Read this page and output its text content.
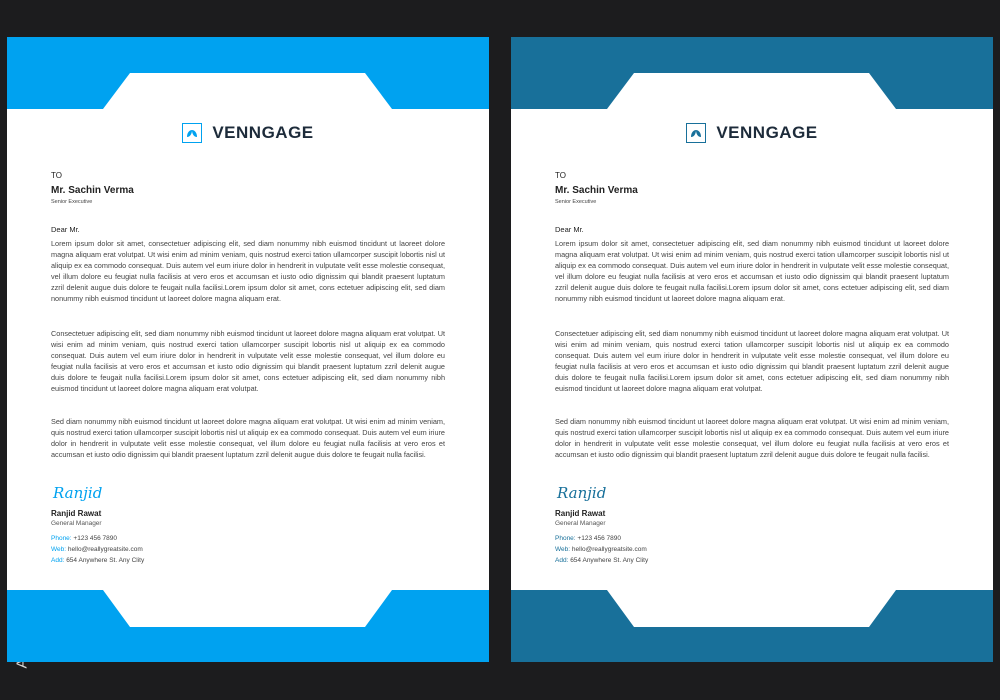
VENNGAGE
TO
Mr. Sachin Verma
Senior Executive
Dear Mr.

Lorem ipsum dolor sit amet, consectetuer adipiscing elit, sed diam nonummy nibh euismod tincidunt ut laoreet dolore magna aliquam erat volutpat. Ut wisi enim ad minim veniam, quis nostrud exerci tation ullamcorper suscipit lobortis nisl ut aliquip ex ea commodo consequat. Duis autem vel eum iriure dolor in hendrerit in vulputate velit esse molestie consequat, vel illum dolore eu feugiat nulla facilisis at vero eros et accumsan et iusto odio dignissim qui blandit praesent luptatum zzril delenit augue duis dolore te feugait nulla facilisi.Lorem ipsum dolor sit amet, cons ectetuer adipiscing elit, sed diam nonummy nibh euismod tincidunt ut laoreet dolore magna aliquam erat.

Consectetuer adipiscing elit, sed diam nonummy nibh euismod tincidunt ut laoreet dolore magna aliquam erat volutpat. Ut wisi enim ad minim veniam, quis nostrud exerci tation ullamcorper suscipit lobortis nisl ut aliquip ex ea commodo consequat. Duis autem vel eum iriure dolor in hendrerit in vulputate velit esse molestie consequat, vel illum dolore eu feugiat nulla facilisis at vero eros et accumsan et iusto odio dignissim qui blandit praesent luptatum zzril delenit augue duis dolore te feugait nulla facilisi.Lorem ipsum dolor sit amet, cons ectetuer adipiscing elit, sed diam nonummy nibh euismod tincidunt ut laoreet dolore magna aliquam erat volutpat.

Sed diam nonummy nibh euismod tincidunt ut laoreet dolore magna aliquam erat volutpat. Ut wisi enim ad minim veniam, quis nostrud exerci tation ullamcorper suscipit lobortis nisl ut aliquip ex ea commodo consequat. Duis autem vel eum iriure dolor in hendrerit in vulputate velit esse molestie consequat, vel illum dolore eu feugiat nulla facilisis at vero eros et accumsan et iusto odio dignissim qui blandit praesent luptatum zzril delenit augue duis dolore te feugait nulla facilisi.

Ranjid
Ranjid Rawat
General Manager
Phone: +123 456 7890
Web: hello@reallygreatsite.com
Add: 654 Anywhere St. Any Clity
VENNGAGE
TO
Mr. Sachin Verma
Senior Executive
Dear Mr.

Lorem ipsum dolor sit amet, consectetuer adipiscing elit, sed diam nonummy nibh euismod tincidunt ut laoreet dolore magna aliquam erat volutpat. Ut wisi enim ad minim veniam, quis nostrud exerci tation ullamcorper suscipit lobortis nisl ut aliquip ex ea commodo consequat. Duis autem vel eum iriure dolor in hendrerit in vulputate velit esse molestie consequat, vel illum dolore eu feugiat nulla facilisis at vero eros et accumsan et iusto odio dignissim qui blandit praesent luptatum zzril delenit augue duis dolore te feugait nulla facilisi.Lorem ipsum dolor sit amet, cons ectetuer adipiscing elit, sed diam nonummy nibh euismod tincidunt ut laoreet dolore magna aliquam erat.

Consectetuer adipiscing elit, sed diam nonummy nibh euismod tincidunt ut laoreet dolore magna aliquam erat volutpat. Ut wisi enim ad minim veniam, quis nostrud exerci tation ullamcorper suscipit lobortis nisl ut aliquip ex ea commodo consequat. Duis autem vel eum iriure dolor in hendrerit in vulputate velit esse molestie consequat, vel illum dolore eu feugiat nulla facilisis at vero eros et accumsan et iusto odio dignissim qui blandit praesent luptatum zzril delenit augue duis dolore te feugait nulla facilisi.Lorem ipsum dolor sit amet, cons ectetuer adipiscing elit, sed diam nonummy nibh euismod tincidunt ut laoreet dolore magna aliquam erat volutpat.

Sed diam nonummy nibh euismod tincidunt ut laoreet dolore magna aliquam erat volutpat. Ut wisi enim ad minim veniam, quis nostrud exerci tation ullamcorper suscipit lobortis nisl ut aliquip ex ea commodo consequat. Duis autem vel eum iriure dolor in hendrerit in vulputate velit esse molestie consequat, vel illum dolore eu feugiat nulla facilisis at vero eros et accumsan et iusto odio dignissim qui blandit praesent luptatum zzril delenit augue duis dolore te feugait nulla facilisi.

Ranjid
Ranjid Rawat
General Manager
Phone: +123 456 7890
Web: hello@reallygreatsite.com
Add: 654 Anywhere St. Any Clity
